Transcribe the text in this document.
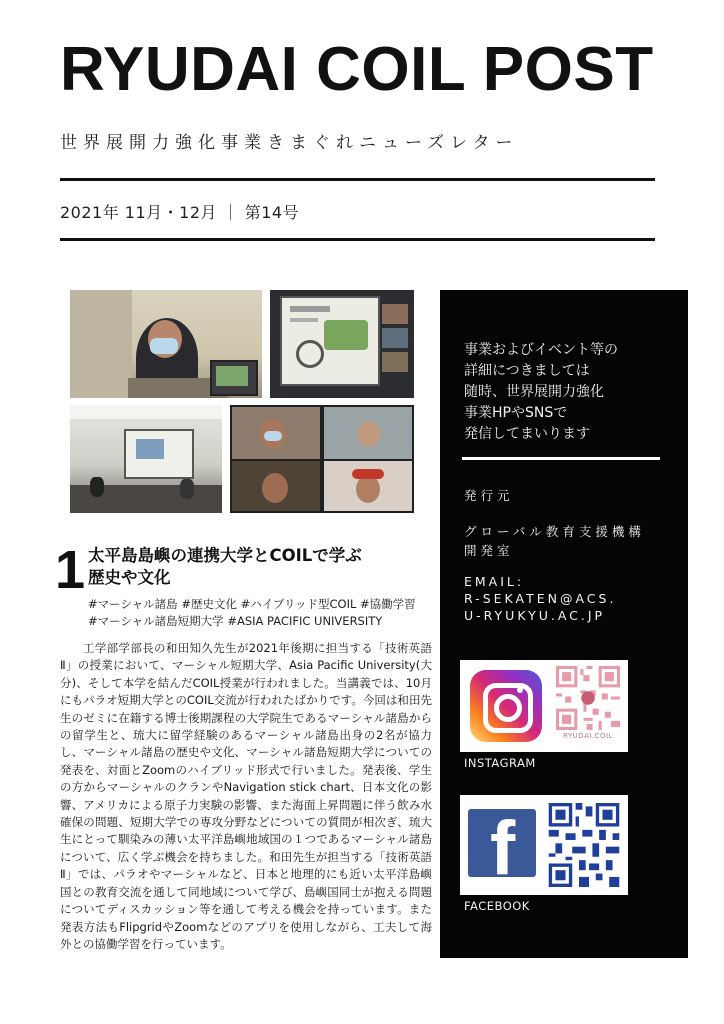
RYUDAI COIL POST
世界展開力強化事業きまぐれニューズレター
2021年 11月・12月 ｜ 第14号
1 太平島島嶼の連携大学とCOILで学ぶ
歴史や文化
#マーシャル諸島 #歴史文化 #ハイブリッド型COIL #協働学習
#マーシャル諸島短期大学 #ASIA PACIFIC UNIVERSITY
工学部学部長の和田知久先生が2021年後期に担当する「技術英語Ⅱ」の授業において、マーシャル短期大学、Asia Pacific University(大分)、そして本学を結んだCOIL授業が行われました。当講義では、10月にもパラオ短期大学とのCOIL交流が行われたばかりです。今回は和田先生のゼミに在籍する博士後期課程の大学院生であるマーシャル諸島からの留学生と、琉大に留学経験のあるマーシャル諸島出身の2名が協力し、マーシャル諸島の歴史や文化、マーシャル諸島短期大学についての発表を、対面とZoomのハイブリッド形式で行いました。発表後、学生の方からマーシャルのクランやNavigation stick chart、日本文化の影響、アメリカによる原子力実験の影響、また海面上昇問題に伴う飲み水確保の問題、短期大学での専攻分野などについての質問が相次ぎ、琉大生にとって馴染みの薄い太平洋島嶼地域国の１つであるマーシャル諸島について、広く学ぶ機会を持ちました。和田先生が担当する「技術英語Ⅱ」では、パラオやマーシャルなど、日本と地理的にも近い太平洋島嶼国との教育交流を通して同地域について学び、島嶼国同士が抱える問題についてディスカッション等を通して考える機会を持っています。また発表方法もFlipgridやZoomなどのアプリを使用しながら、工夫して海外との協働学習を行っています。
事業およびイベント等の
詳細につきましては
随時、世界展開力強化
事業HPやSNSで
発信してまいります
発行元
グローバル教育支援機構
開発室
EMAIL:
R-SEKATEN@ACS.
U-RYUKYU.AC.JP
RYUDAI.COIL
INSTAGRAM
f
FACEBOOK
